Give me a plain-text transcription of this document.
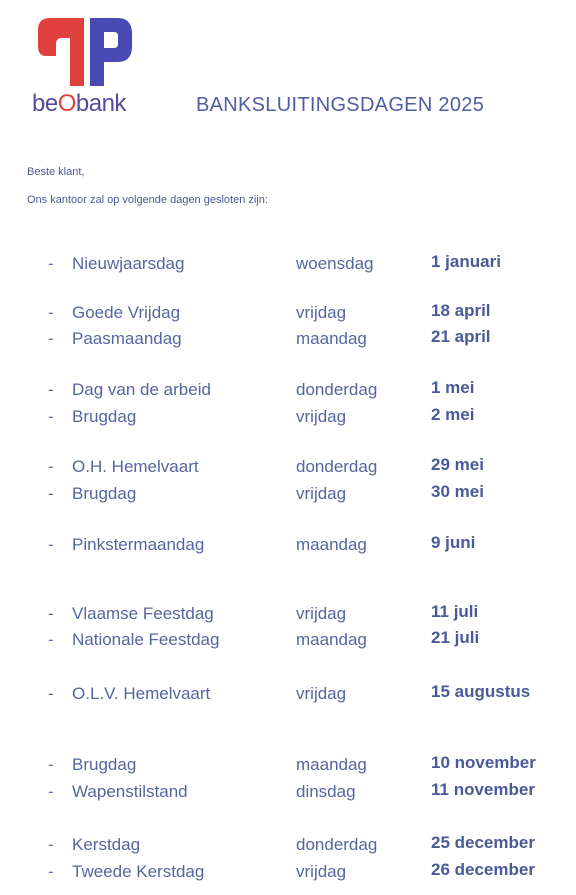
beObank	BANKSLUITINGSDAGEN 2025
Beste klant,
Ons kantoor zal op volgende dagen gesloten zijn:
- Nieuwjaarsdag	woensdag	1 januari
- Goede Vrijdag	vrijdag	18 april
- Paasmaandag	maandag	21 april
- Dag van de arbeid	donderdag	1 mei
- Brugdag	vrijdag	2 mei
- O.H. Hemelvaart	donderdag	29 mei
- Brugdag	vrijdag	30 mei
- Pinkstermaandag	maandag	9 juni
- Vlaamse Feestdag	vrijdag	11 juli
- Nationale Feestdag	maandag	21 juli
- O.L.V. Hemelvaart	vrijdag	15 augustus
- Brugdag	maandag	10 november
- Wapenstilstand	dinsdag	11 november
- Kerstdag	donderdag	25 december
- Tweede Kerstdag	vrijdag	26 december
